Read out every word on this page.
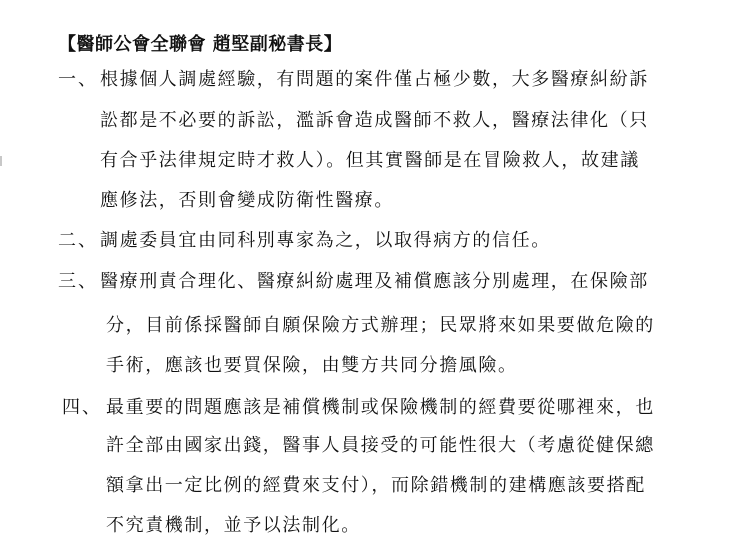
【醫師公會全聯會 趙堅副秘書長】
一、 根據個人調處經驗，有問題的案件僅占極少數，大多醫療糾紛訴
訟都是不必要的訴訟，濫訴會造成醫師不救人，醫療法律化（只
有合乎法律規定時才救人）。但其實醫師是在冒險救人，故建議
應修法，否則會變成防衛性醫療。
二、 調處委員宜由同科別專家為之，以取得病方的信任。
三、 醫療刑責合理化、醫療糾紛處理及補償應該分別處理，在保險部
分，目前係採醫師自願保險方式辦理；民眾將來如果要做危險的
手術，應該也要買保險，由雙方共同分擔風險。
四、 最重要的問題應該是補償機制或保險機制的經費要從哪裡來，也
許全部由國家出錢，醫事人員接受的可能性很大（考慮從健保總
額拿出一定比例的經費來支付），而除錯機制的建構應該要搭配
不究責機制，並予以法制化。
